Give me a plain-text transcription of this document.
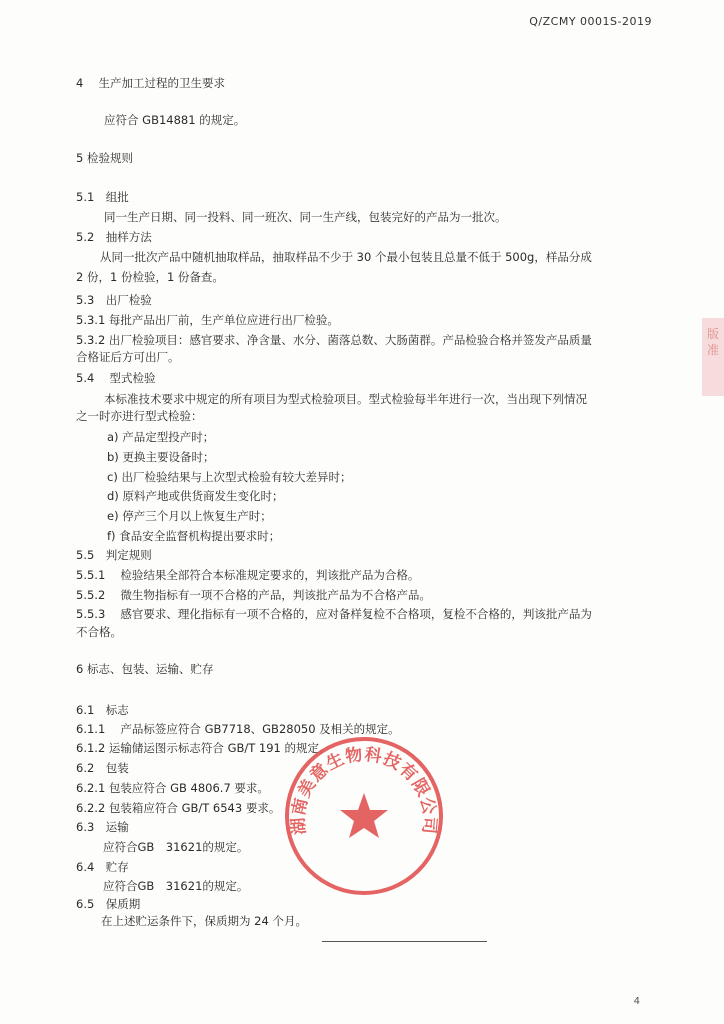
Q/ZCMY 0001S-2019
4　 生产加工过程的卫生要求
应符合 GB14881 的规定。
5 检验规则
5.1　组批
同一生产日期、同一投料、同一班次、同一生产线，包装完好的产品为一批次。
5.2　抽样方法
从同一批次产品中随机抽取样品，抽取样品不少于 30 个最小包装且总量不低于 500g，样品分成
2 份，1 份检验，1 份备查。
5.3　出厂检验
5.3.1 每批产品出厂前，生产单位应进行出厂检验。
5.3.2 出厂检验项目：感官要求、净含量、水分、菌落总数、大肠菌群。产品检验合格并签发产品质量
合格证后方可出厂。
5.4　 型式检验
本标准技术要求中规定的所有项目为型式检验项目。型式检验每半年进行一次，当出现下列情况
之一时亦进行型式检验：
a) 产品定型投产时；
b) 更换主要设备时；
c) 出厂检验结果与上次型式检验有较大差异时；
d) 原料产地或供货商发生变化时；
e) 停产三个月以上恢复生产时；
f) 食品安全监督机构提出要求时；
5.5　判定规则
5.5.1　 检验结果全部符合本标准规定要求的，判该批产品为合格。
5.5.2　 微生物指标有一项不合格的产品，判该批产品为不合格产品。
5.5.3　 感官要求、理化指标有一项不合格的，应对备样复检不合格项，复检不合格的，判该批产品为
不合格。
6 标志、包装、运输、贮存
6.1　标志
6.1.1　 产品标签应符合 GB7718、GB28050 及相关的规定。
6.1.2 运输储运图示标志符合 GB/T 191 的规定。
6.2　包装
6.2.1 包装应符合 GB 4806.7 要求。
6.2.2 包装箱应符合 GB/T 6543 要求。
6.3　运输
应符合GB　31621的规定。
6.4　贮存
应符合GB　31621的规定。
6.5　保质期
在上述贮运条件下，保质期为 24 个月。
湖南美意生物科技有限公司
版 准
4
